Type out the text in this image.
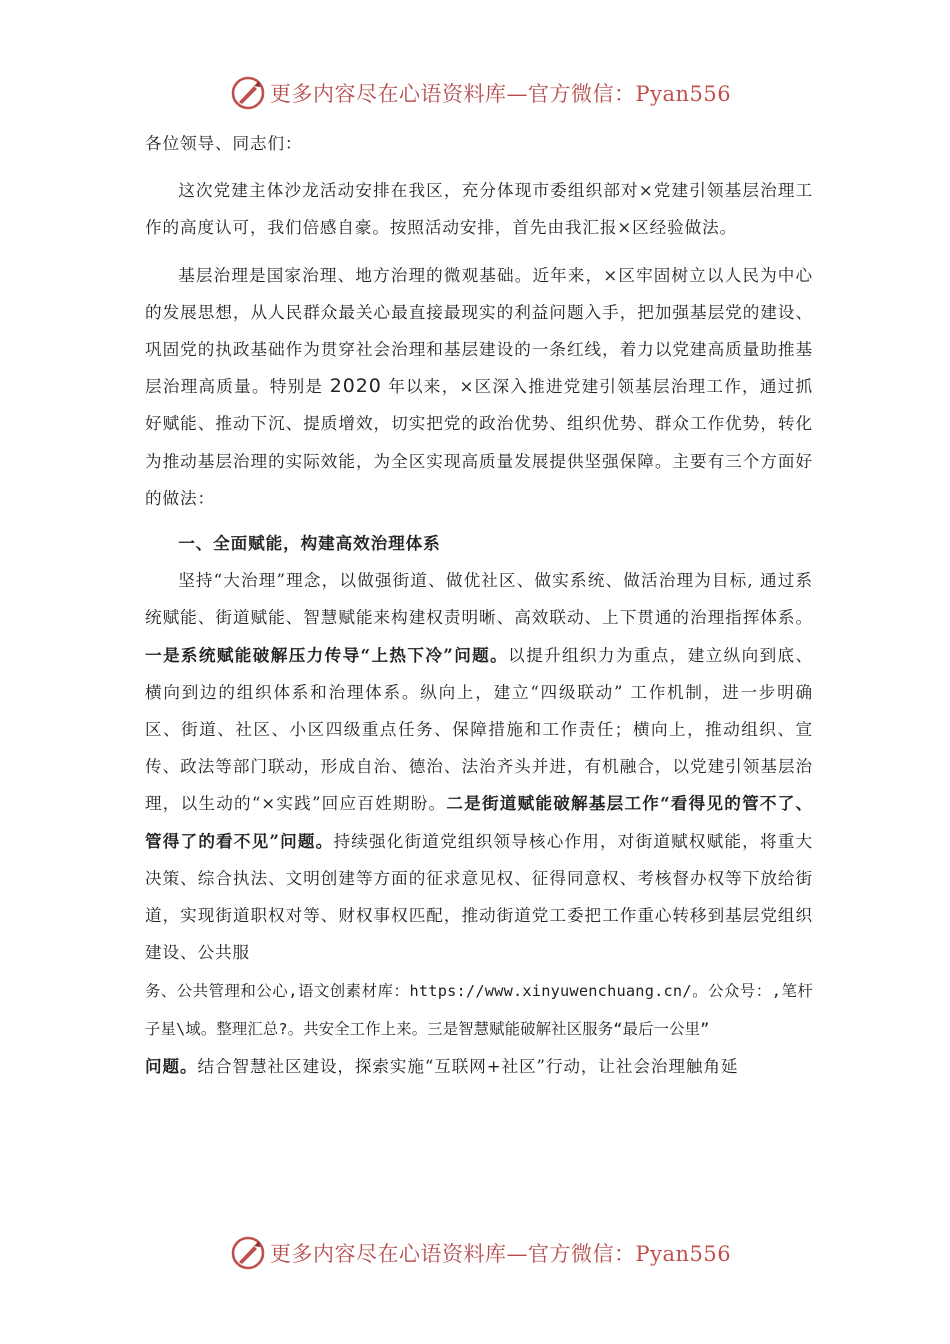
更多内容尽在心语资料库—官方微信：Pyan556

各位领导、同志们：

这次党建主体沙龙活动安排在我区，充分体现市委组织部对×党建引领基层治理工作的高度认可，我们倍感自豪。按照活动安排，首先由我汇报×区经验做法。

基层治理是国家治理、地方治理的微观基础。近年来，×区牢固树立以人民为中心的发展思想，从人民群众最关心最直接最现实的利益问题入手，把加强基层党的建设、巩固党的执政基础作为贯穿社会治理和基层建设的一条红线，着力以党建高质量助推基层治理高质量。特别是 2020 年以来，×区深入推进党建引领基层治理工作，通过抓好赋能、推动下沉、提质增效，切实把党的政治优势、组织优势、群众工作优势，转化为推动基层治理的实际效能，为全区实现高质量发展提供坚强保障。主要有三个方面好的做法：

一、全面赋能，构建高效治理体系

坚持“大治理”理念，以做强街道、做优社区、做实系统、做活治理为目标, 通过系统赋能、街道赋能、智慧赋能来构建权责明晰、高效联动、上下贯通的治理指挥体系。一是系统赋能破解压力传导“上热下冷”问题。以提升组织力为重点，建立纵向到底、横向到边的组织体系和治理体系。纵向上，建立“四级联动” 工作机制，进一步明确区、街道、社区、小区四级重点任务、保障措施和工作责任；横向上，推动组织、宣传、政法等部门联动，形成自治、德治、法治齐头并进，有机融合，以党建引领基层治理，以生动的“×实践”回应百姓期盼。二是街道赋能破解基层工作“看得见的管不了、管得了的看不见”问题。持续强化街道党组织领导核心作用，对街道赋权赋能，将重大决策、综合执法、文明创建等方面的征求意见权、征得同意权、考核督办权等下放给街道，实现街道职权对等、财权事权匹配，推动街道党工委把工作重心转移到基层党组织建设、公共服

务、公共管理和公心,语文创素材库：https://www.xinyuwenchuang.cn/。公众号：,笔杆子星\域。整理汇总?。共安全工作上来。三是智慧赋能破解社区服务“最后一公里”

问题。结合智慧社区建设，探索实施“互联网+社区”行动，让社会治理触角延

更多内容尽在心语资料库—官方微信：Pyan556
